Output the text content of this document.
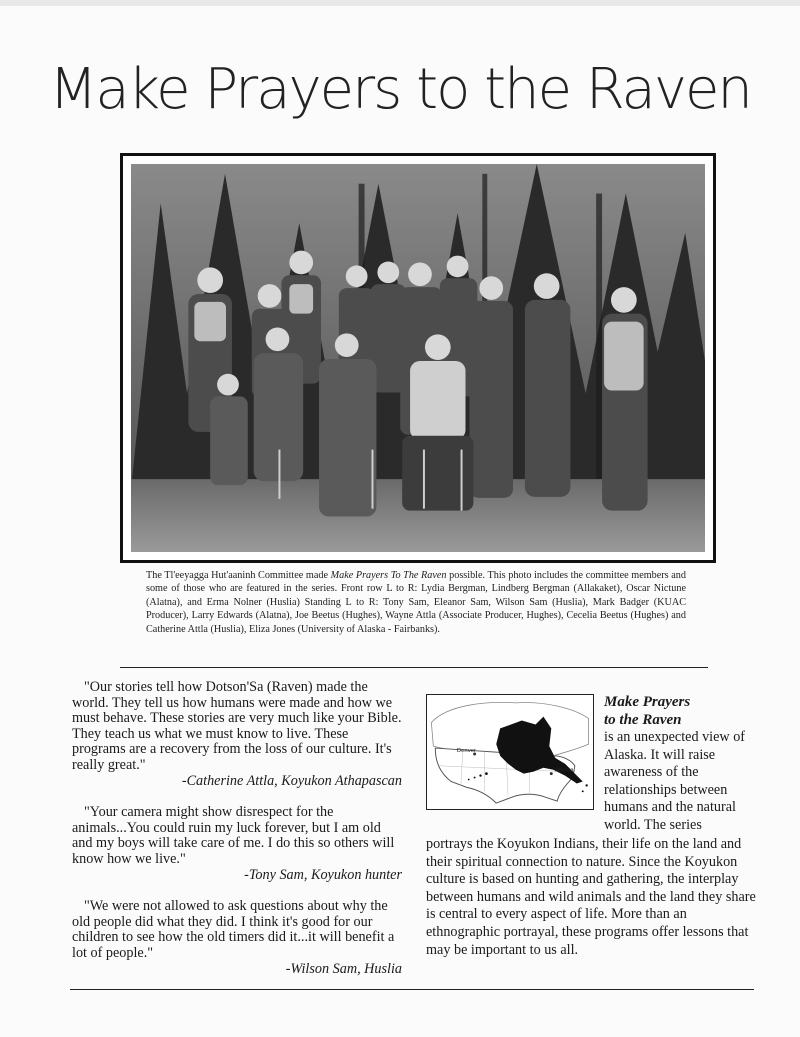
Make Prayers to the Raven
The Tl'eeyagga Hut'aaninh Committee made Make Prayers To The Raven possible. This photo includes the committee members and some of those who are featured in the series. Front row L to R: Lydia Bergman, Lindberg Bergman (Allakaket), Oscar Nictune (Alatna), and Erma Nolner (Huslia) Standing L to R: Tony Sam, Eleanor Sam, Wilson Sam (Huslia), Mark Badger (KUAC Producer), Larry Edwards (Alatna), Joe Beetus (Hughes), Wayne Attla (Associate Producer, Hughes), Cecelia Beetus (Hughes) and Catherine Attla (Huslia), Eliza Jones (University of Alaska - Fairbanks).

"Our stories tell how Dotson'Sa (Raven) made the world. They tell us how humans were made and how we must behave. These stories are very much like your Bible. They teach us what we must know to live. These programs are a recovery from the loss of our culture. It's really great."

-Catherine Attla, Koyukon Athapascan

"Your camera might show disrespect for the animals...You could ruin my luck forever, but I am old and my boys will take care of me. I do this so others will know how we live."

-Tony Sam, Koyukon hunter

"We were not allowed to ask questions about why the old people did what they did. I think it's good for our children to see how the old timers did it...it will benefit a lot of people."

-Wilson Sam, Huslia
Denver
Atlanta
Make Prayers
to the Raven
is an unexpected view of Alaska. It will raise awareness of the relationships between humans and the natural world. The series
portrays the Koyukon Indians, their life on the land and their spiritual connection to nature. Since the Koyukon culture is based on hunting and gathering, the interplay between humans and wild animals and the land they share is central to every aspect of life. More than an ethnographic portrayal, these programs offer lessons that may be important to us all.
